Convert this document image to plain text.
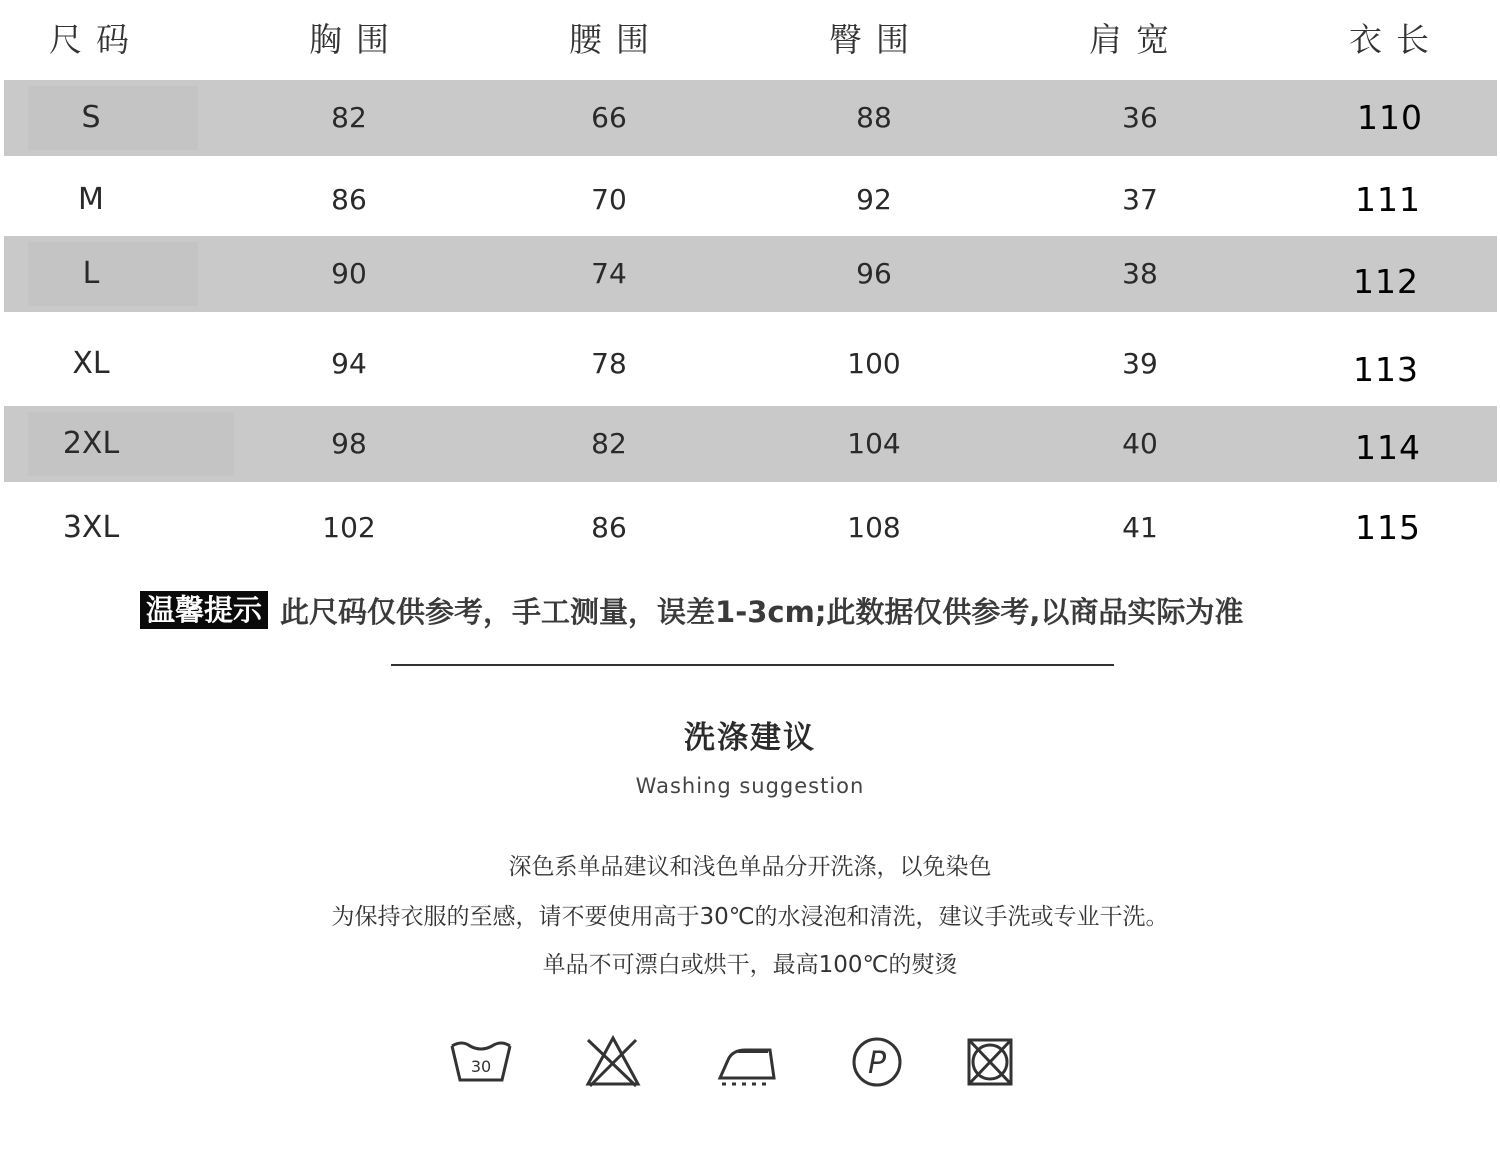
尺码	胸围	腰围	臀围	肩宽	衣长
S	82	66	88	36	110
M	86	70	92	37	111
L	90	74	96	38	112
XL	94	78	100	39	113
2XL	98	82	104	40	114
3XL	102	86	108	41	115
温馨提示 此尺码仅供参考，手工测量，误差1-3cm;此数据仅供参考,以商品实际为准
洗涤建议
Washing suggestion
深色系单品建议和浅色单品分开洗涤，以免染色
为保持衣服的至感，请不要使用高于30℃的水浸泡和清洗，建议手洗或专业干洗。
单品不可漂白或烘干，最高100℃的熨烫
30	P
